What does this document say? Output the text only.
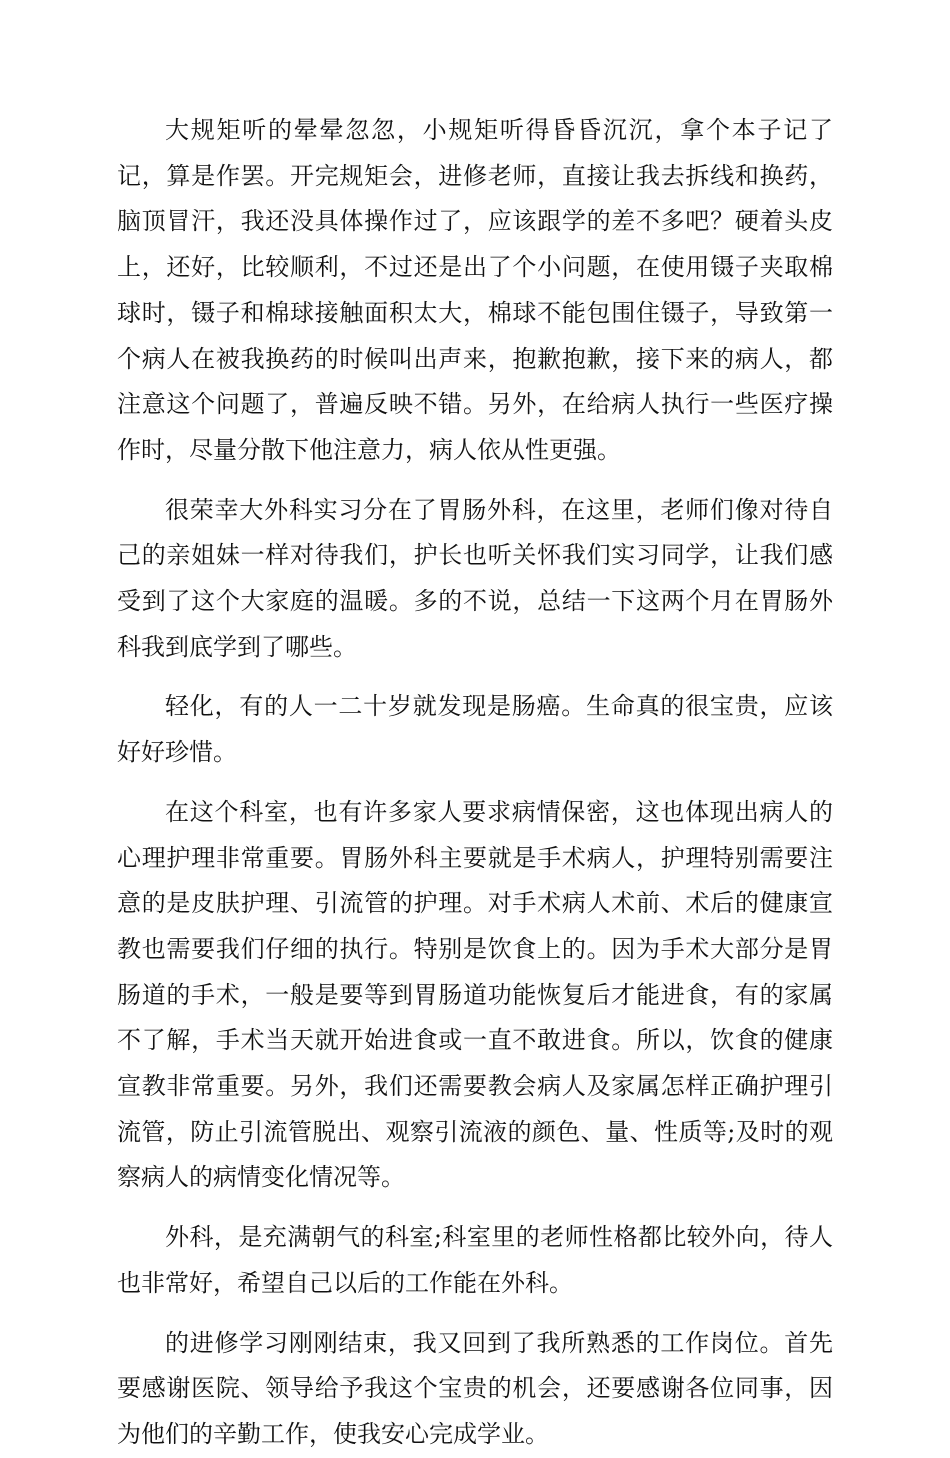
大规矩听的晕晕忽忽，小规矩听得昏昏沉沉，拿个本子记了记，算是作罢。开完规矩会，进修老师，直接让我去拆线和换药，脑顶冒汗，我还没具体操作过了，应该跟学的差不多吧？硬着头皮上，还好，比较顺利，不过还是出了个小问题，在使用镊子夹取棉球时，镊子和棉球接触面积太大，棉球不能包围住镊子，导致第一个病人在被我换药的时候叫出声来，抱歉抱歉，接下来的病人，都注意这个问题了，普遍反映不错。另外，在给病人执行一些医疗操作时，尽量分散下他注意力，病人依从性更强。

很荣幸大外科实习分在了胃肠外科，在这里，老师们像对待自己的亲姐妹一样对待我们，护长也听关怀我们实习同学，让我们感受到了这个大家庭的温暖。多的不说，总结一下这两个月在胃肠外科我到底学到了哪些。

轻化，有的人一二十岁就发现是肠癌。生命真的很宝贵，应该好好珍惜。

在这个科室，也有许多家人要求病情保密，这也体现出病人的心理护理非常重要。胃肠外科主要就是手术病人，护理特别需要注意的是皮肤护理、引流管的护理。对手术病人术前、术后的健康宣教也需要我们仔细的执行。特别是饮食上的。因为手术大部分是胃肠道的手术，一般是要等到胃肠道功能恢复后才能进食，有的家属不了解，手术当天就开始进食或一直不敢进食。所以，饮食的健康宣教非常重要。另外，我们还需要教会病人及家属怎样正确护理引流管，防止引流管脱出、观察引流液的颜色、量、性质等;及时的观察病人的病情变化情况等。

外科，是充满朝气的科室;科室里的老师性格都比较外向，待人也非常好，希望自己以后的工作能在外科。

的进修学习刚刚结束，我又回到了我所熟悉的工作岗位。首先要感谢医院、领导给予我这个宝贵的机会，还要感谢各位同事，因为他们的辛勤工作，使我安心完成学业。
